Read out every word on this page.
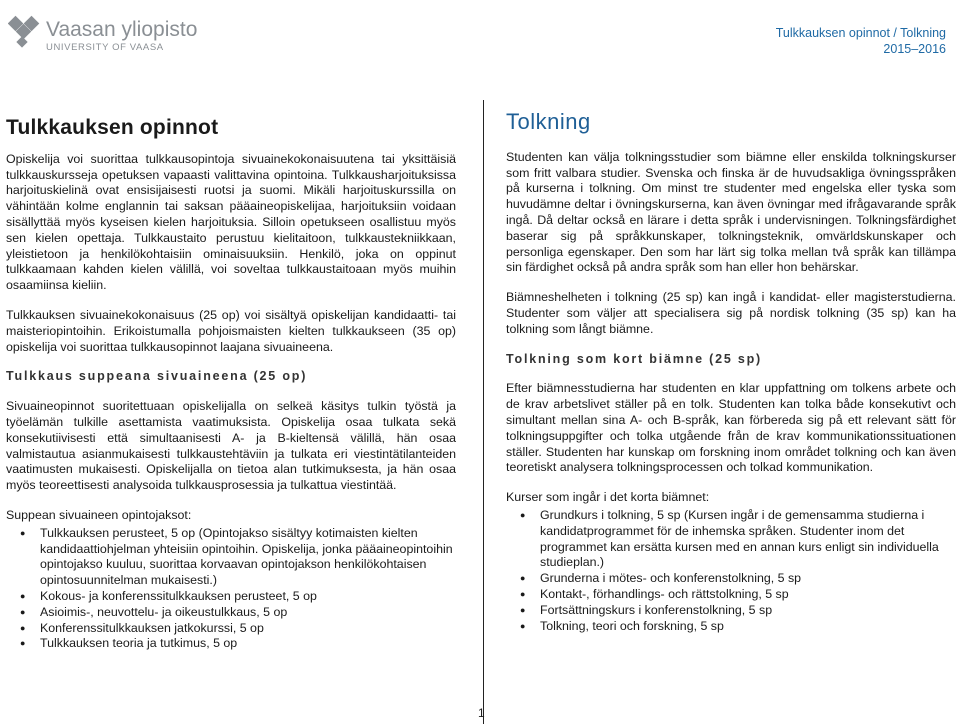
Vaasan yliopisto
UNIVERSITY OF VAASA
Tulkkauksen opinnot / Tolkning
2015–2016
Tulkkauksen opinnot

Opiskelija voi suorittaa tulkkausopintoja sivuainekokonaisuutena tai yksittäisiä tulkkauskursseja opetuksen vapaasti valittavina opintoina. Tulkkausharjoituksissa harjoituskielinä ovat ensisijaisesti ruotsi ja suomi. Mikäli harjoituskurssilla on vähintään kolme englannin tai saksan pääaineopiskelijaa, harjoituksiin voidaan sisällyttää myös kyseisen kielen harjoituksia. Silloin opetukseen osallistuu myös sen kielen opettaja. Tulkkaustaito perustuu kielitaitoon, tulkkaustekniikkaan, yleistietoon ja henkilökohtaisiin ominaisuuksiin. Henkilö, joka on oppinut tulkkaamaan kahden kielen välillä, voi soveltaa tulkkaustaitoaan myös muihin osaamiinsa kieliin.

Tulkkauksen sivuainekokonaisuus (25 op) voi sisältyä opiskelijan kandidaatti- tai maisteriopintoihin. Erikoistumalla pohjoismaisten kielten tulkkaukseen (35 op) opiskelija voi suorittaa tulkkausopinnot laajana sivuaineena.

Tulkkaus suppeana sivuaineena (25 op)

Sivuaineopinnot suoritettuaan opiskelijalla on selkeä käsitys tulkin työstä ja työelämän tulkille asettamista vaatimuksista. Opiskelija osaa tulkata sekä konsekutiivisesti että simultaanisesti A- ja B-kieltensä välillä, hän osaa valmistautua asianmukaisesti tulkkaustehtäviin ja tulkata eri viestintätilanteiden vaatimusten mukaisesti. Opiskelijalla on tietoa alan tutkimuksesta, ja hän osaa myös teoreettisesti analysoida tulkkausprosessia ja tulkattua viestintää.

Suppean sivuaineen opintojaksot:

● Tulkkauksen perusteet, 5 op (Opintojakso sisältyy kotimaisten kielten kandidaattiohjelman yhteisiin opintoihin. Opiskelija, jonka pääaineopintoihin opintojakso kuuluu, suorittaa korvaavan opintojakson henkilökohtaisen opintosuunnitelman mukaisesti.)
● Kokous- ja konferenssitulkkauksen perusteet, 5 op
● Asioimis-, neuvottelu- ja oikeustulkkaus, 5 op
● Konferenssitulkkauksen jatkokurssi, 5 op
● Tulkkauksen teoria ja tutkimus, 5 op
Tolkning

Studenten kan välja tolkningsstudier som biämne eller enskilda tolkningskurser som fritt valbara studier. Svenska och finska är de huvudsakliga övningsspråken på kurserna i tolkning. Om minst tre studenter med engelska eller tyska som huvudämne deltar i övningskurserna, kan även övningar med ifrågavarande språk ingå. Då deltar också en lärare i detta språk i undervisningen. Tolkningsfärdighet baserar sig på språkkunskaper, tolkningsteknik, omvärldskunskaper och personliga egenskaper. Den som har lärt sig tolka mellan två språk kan tillämpa sin färdighet också på andra språk som han eller hon behärskar.

Biämneshelheten i tolkning (25 sp) kan ingå i kandidat- eller magisterstudierna. Studenter som väljer att specialisera sig på nordisk tolkning (35 sp) kan ha tolkning som långt biämne.

Tolkning som kort biämne (25 sp)

Efter biämnesstudierna har studenten en klar uppfattning om tolkens arbete och de krav arbetslivet ställer på en tolk. Studenten kan tolka både konsekutivt och simultant mellan sina A- och B-språk, kan förbereda sig på ett relevant sätt för tolkningsuppgifter och tolka utgående från de krav kommunikationssituationen ställer. Studenten har kunskap om forskning inom området tolkning och kan även teoretiskt analysera tolkningsprocessen och tolkad kommunikation.

Kurser som ingår i det korta biämnet:

● Grundkurs i tolkning, 5 sp (Kursen ingår i de gemensamma studierna i kandidatprogrammet för de inhemska språken. Studenter inom det programmet kan ersätta kursen med en annan kurs enligt sin individuella studieplan.)
● Grunderna i mötes- och konferenstolkning, 5 sp
● Kontakt-, förhandlings- och rättstolkning, 5 sp
● Fortsättningskurs i konferenstolkning, 5 sp
● Tolkning, teori och forskning, 5 sp
1
